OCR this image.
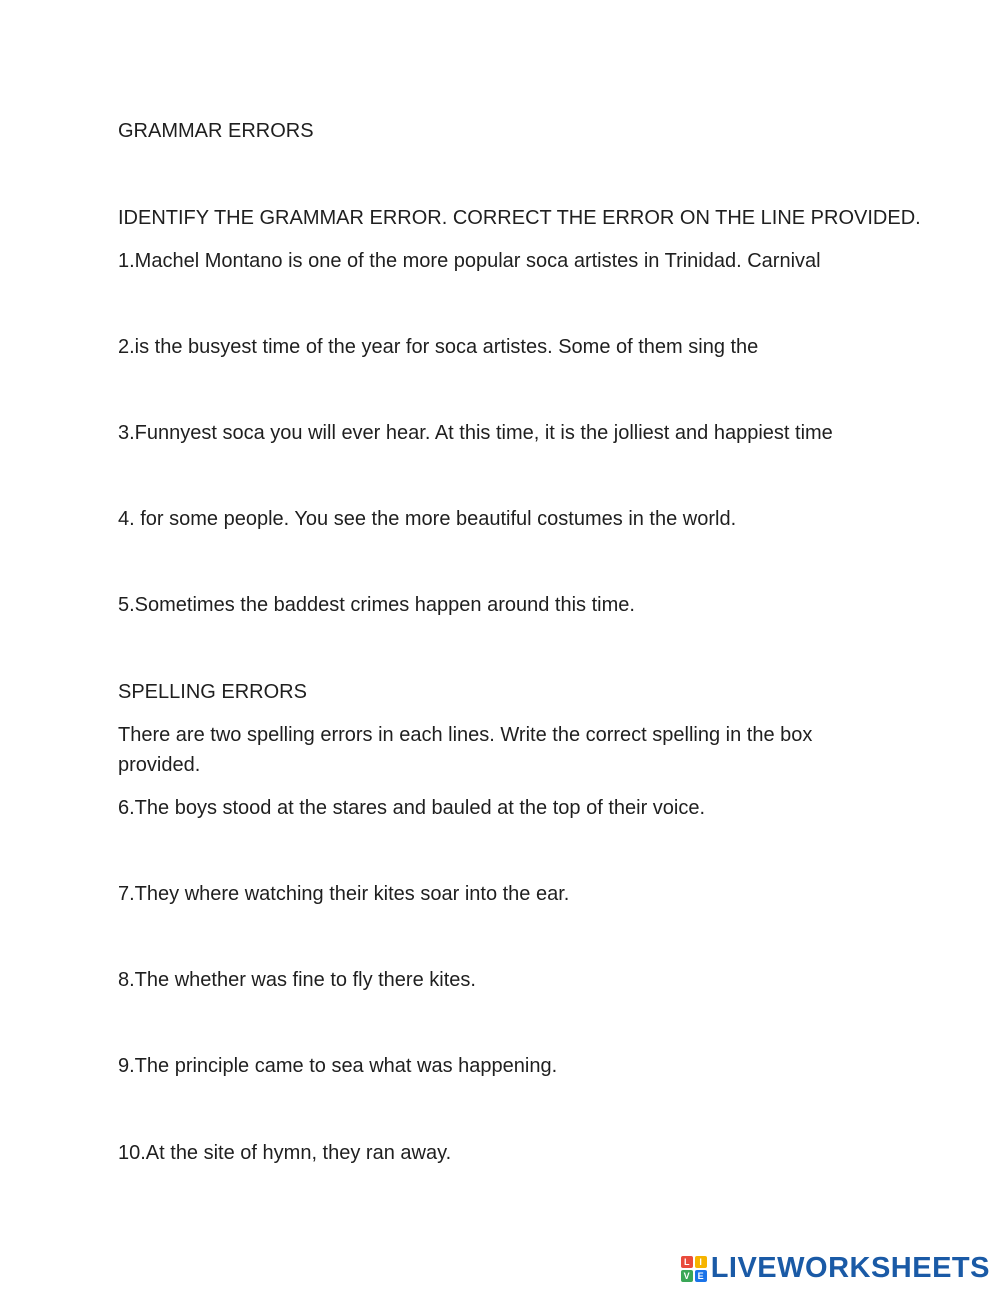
GRAMMAR ERRORS
IDENTIFY THE GRAMMAR ERROR. CORRECT THE ERROR ON THE LINE PROVIDED.
1.Machel Montano is one of the more popular soca artistes in Trinidad. Carnival
2.is the busyest time of the year for soca artistes. Some of them sing the
3.Funnyest soca you will ever hear. At this time, it is the jolliest and happiest time
4. for some people. You see the more beautiful costumes in the world.
5.Sometimes the baddest crimes happen around this time.
SPELLING ERRORS
There are two spelling errors in each lines. Write the correct spelling in the box provided.
6.The boys stood at the stares and bauled at the top of their voice.
7.They where watching their kites soar into the ear.
8.The whether was fine to fly there kites.
9.The principle came to sea what was happening.
10.At the site of hymn, they ran away.
L	I
V E LIVEWORKSHEETS
